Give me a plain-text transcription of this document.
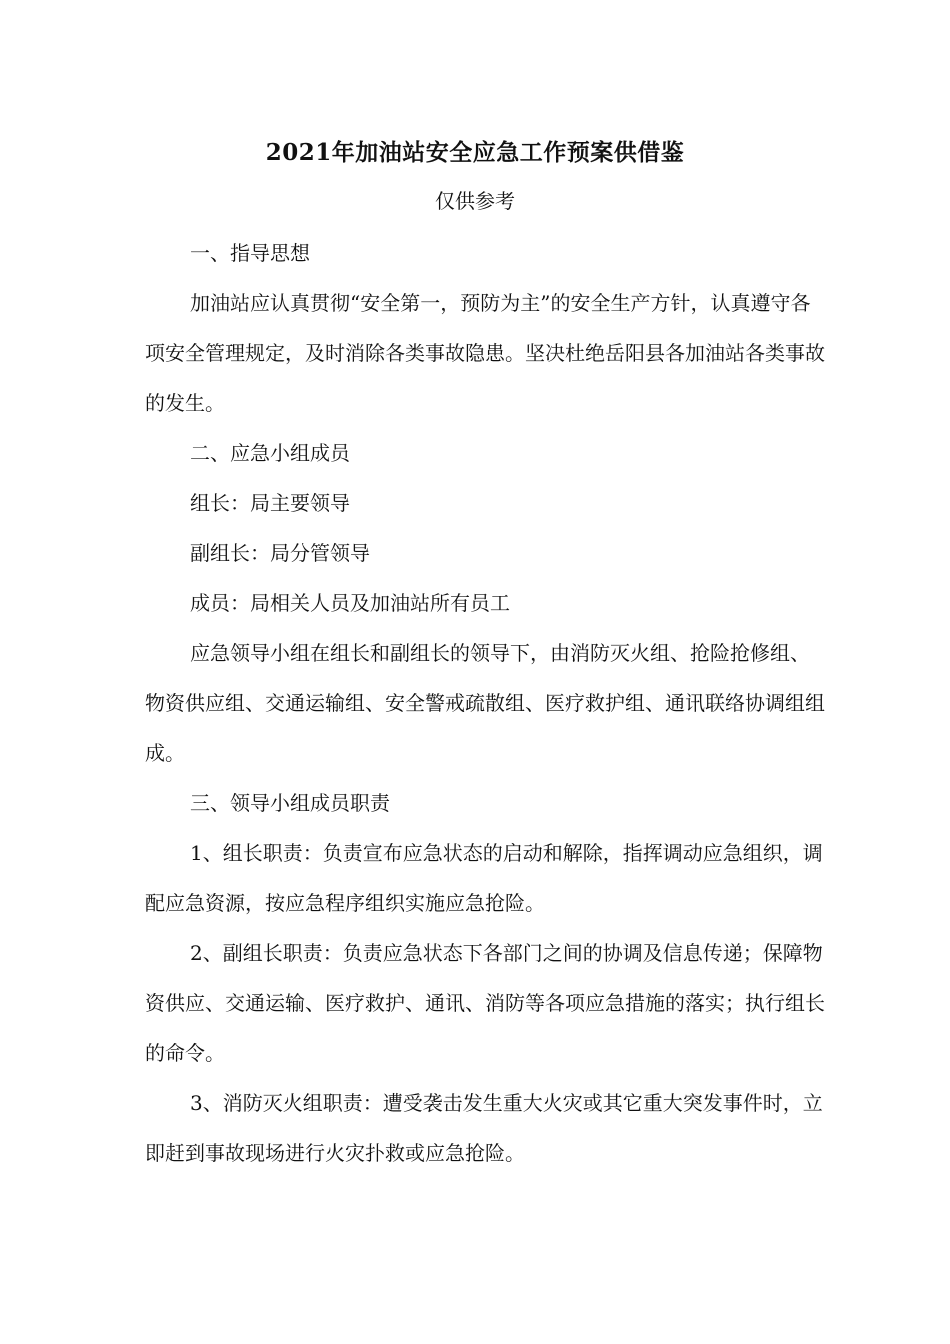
2021年加油站安全应急工作预案供借鉴
仅供参考

一、指导思想

加油站应认真贯彻“安全第一，预防为主”的安全生产方针，认真遵守各项安全管理规定，及时消除各类事故隐患。坚决杜绝岳阳县各加油站各类事故的发生。

二、应急小组成员

组长：局主要领导

副组长：局分管领导

成员：局相关人员及加油站所有员工

应急领导小组在组长和副组长的领导下，由消防灭火组、抢险抢修组、物资供应组、交通运输组、安全警戒疏散组、医疗救护组、通讯联络协调组组成。

三、领导小组成员职责

1、组长职责：负责宣布应急状态的启动和解除，指挥调动应急组织，调配应急资源，按应急程序组织实施应急抢险。

2、副组长职责：负责应急状态下各部门之间的协调及信息传递；保障物资供应、交通运输、医疗救护、通讯、消防等各项应急措施的落实；执行组长的命令。

3、消防灭火组职责：遭受袭击发生重大火灾或其它重大突发事件时，立即赶到事故现场进行火灾扑救或应急抢险。
